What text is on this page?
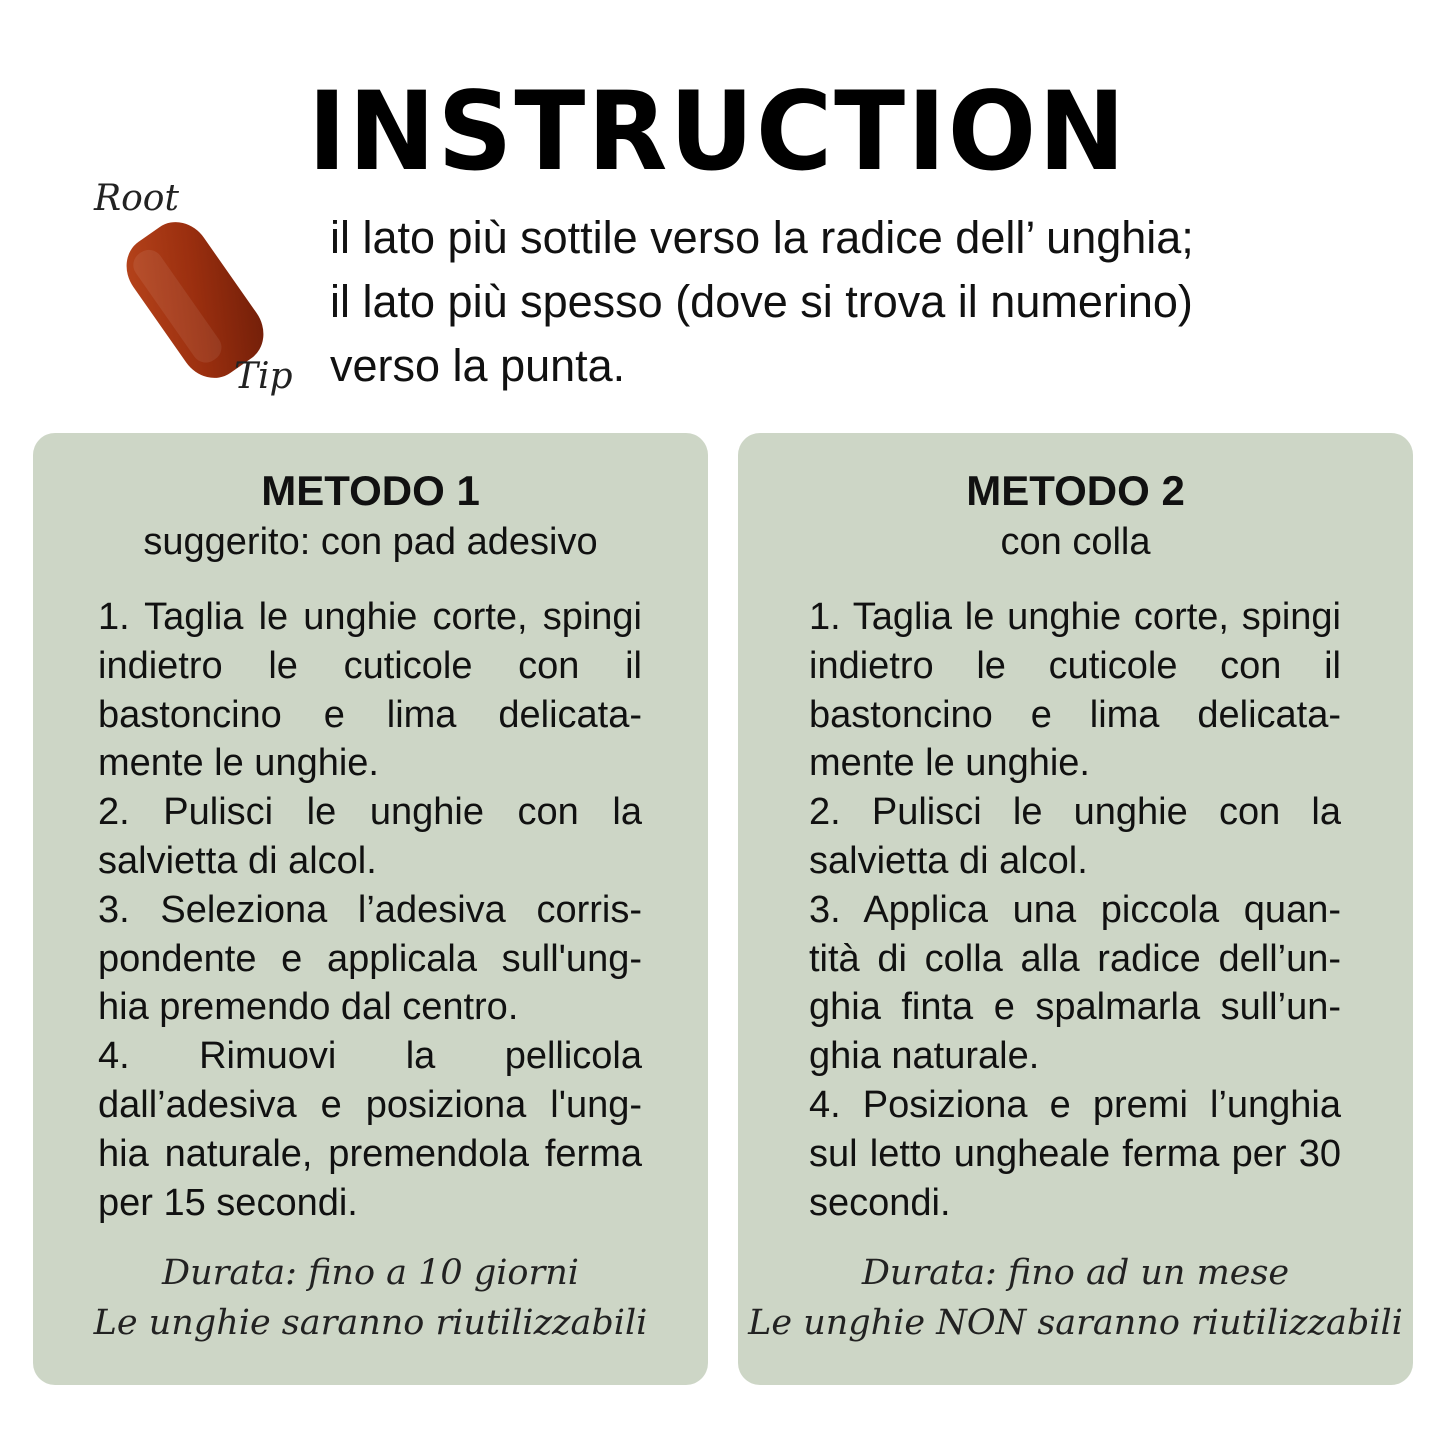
INSTRUCTION
Root
Tip
il lato più sottile verso la radice dell’ unghia;
il lato più spesso (dove si trova il numerino)
verso la punta.
METODO 1
suggerito: con pad adesivo

1. Taglia le unghie corte, spingi indietro le cuticole con il bastoncino e lima delicata- mente le unghie.

2. Pulisci le unghie con la salvietta di alcol.

3. Seleziona l’adesiva corris- pondente e applicala sull'ung- hia premendo dal centro.

4. Rimuovi la pellicola dall’adesiva e posiziona l'ung- hia naturale, premendola ferma per 15 secondi.

Durata: fino a 10 giorni
Le unghie saranno riutilizzabili
METODO 2
con colla

1. Taglia le unghie corte, spingi indietro le cuticole con il bastoncino e lima delicata- mente le unghie.

2. Pulisci le unghie con la salvietta di alcol.

3. Applica una piccola quan- tità di colla alla radice dell’un- ghia finta e spalmarla sull’un- ghia naturale.

4. Posiziona e premi l’unghia sul letto ungheale ferma per 30 secondi.

Durata: fino ad un mese
Le unghie NON saranno riutilizzabili
